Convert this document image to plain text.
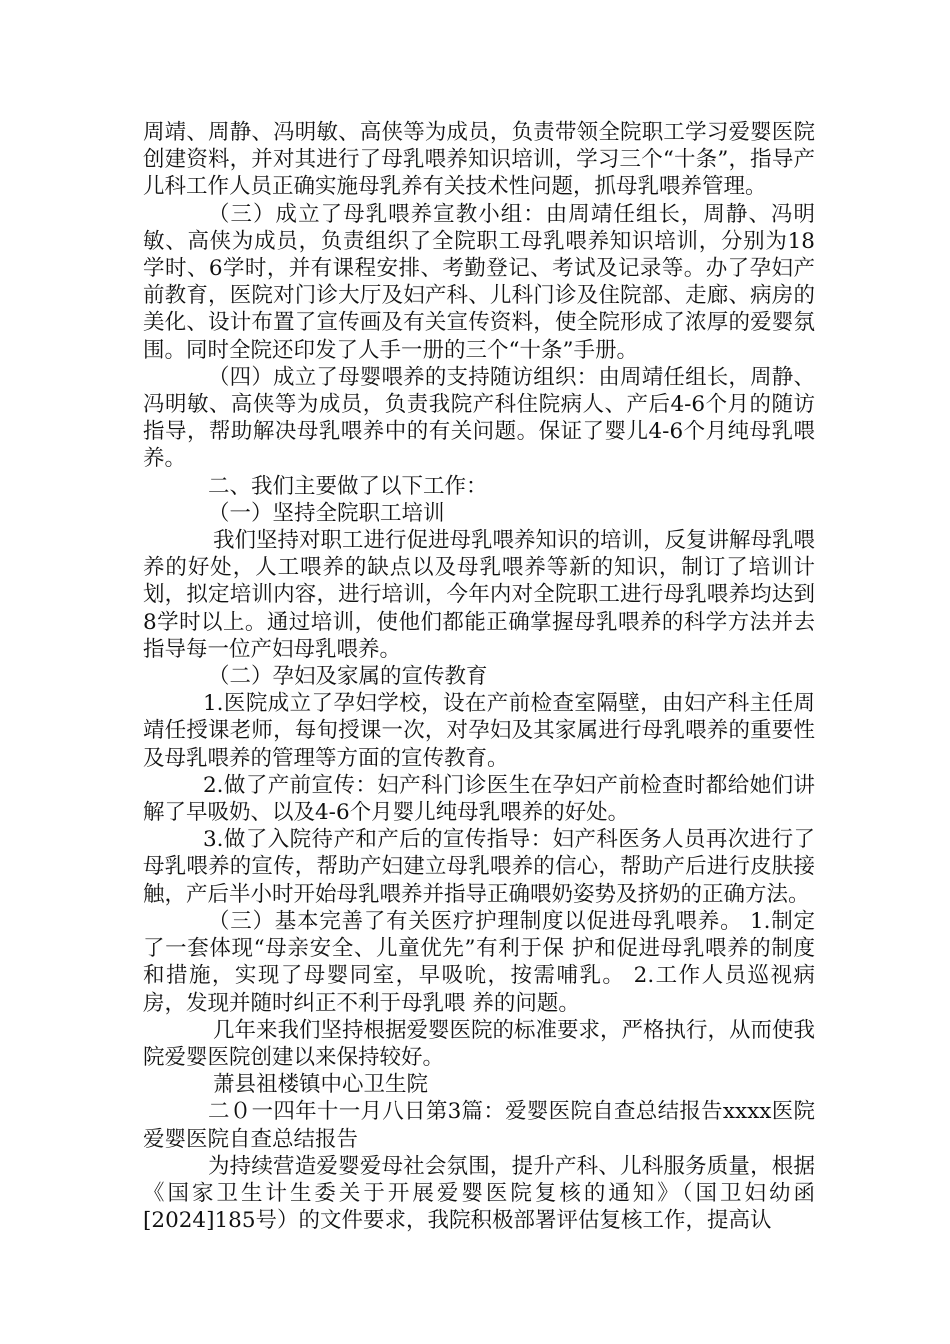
周靖、周静、冯明敏、高侠等为成员，负责带领全院职工学习爱婴医院创建资料，并对其进行了母乳喂养知识培训，学习三个“十条”，指导产儿科工作人员正确实施母乳养有关技术性问题，抓母乳喂养管理。

（三）成立了母乳喂养宣教小组：由周靖任组长，周静、冯明敏、高侠为成员，负责组织了全院职工母乳喂养知识培训，分别为18学时、6学时，并有课程安排、考勤登记、考试及记录等。办了孕妇产前教育，医院对门诊大厅及妇产科、儿科门诊及住院部、走廊、病房的美化、设计布置了宣传画及有关宣传资料，使全院形成了浓厚的爱婴氛围。同时全院还印发了人手一册的三个“十条”手册。

（四）成立了母婴喂养的支持随访组织：由周靖任组长，周静、冯明敏、高侠等为成员，负责我院产科住院病人、产后4-6个月的随访指导，帮助解决母乳喂养中的有关问题。保证了婴儿4-6个月纯母乳喂养。

二、我们主要做了以下工作：

（一）坚持全院职工培训

我们坚持对职工进行促进母乳喂养知识的培训，反复讲解母乳喂养的好处，人工喂养的缺点以及母乳喂养等新的知识，制订了培训计划，拟定培训内容，进行培训，今年内对全院职工进行母乳喂养均达到8学时以上。通过培训，使他们都能正确掌握母乳喂养的科学方法并去指导每一位产妇母乳喂养。

（二）孕妇及家属的宣传教育

1.医院成立了孕妇学校，设在产前检查室隔壁，由妇产科主任周靖任授课老师，每旬授课一次，对孕妇及其家属进行母乳喂养的重要性及母乳喂养的管理等方面的宣传教育。

2.做了产前宣传：妇产科门诊医生在孕妇产前检查时都给她们讲解了早吸奶、以及4-6个月婴儿纯母乳喂养的好处。

3.做了入院待产和产后的宣传指导：妇产科医务人员再次进行了母乳喂养的宣传，帮助产妇建立母乳喂养的信心，帮助产后进行皮肤接触，产后半小时开始母乳喂养并指导正确喂奶姿势及挤奶的正确方法。

（三）基本完善了有关医疗护理制度以促进母乳喂养。 1.制定了一套体现“母亲安全、儿童优先”有利于保 护和促进母乳喂养的制度和措施，实现了母婴同室，早吸吮，按需哺乳。 2.工作人员巡视病房，发现并随时纠正不利于母乳喂 养的问题。

几年来我们坚持根据爱婴医院的标准要求，严格执行，从而使我院爱婴医院创建以来保持较好。

萧县祖楼镇中心卫生院

二０一四年十一月八日第3篇：爱婴医院自查总结报告xxxx医院爱婴医院自查总结报告

为持续营造爱婴爱母社会氛围，提升产科、儿科服务质量，根据《国家卫生计生委关于开展爱婴医院复核的通知》（国卫妇幼函[2024]185号）的文件要求，我院积极部署评估复核工作，提高认
